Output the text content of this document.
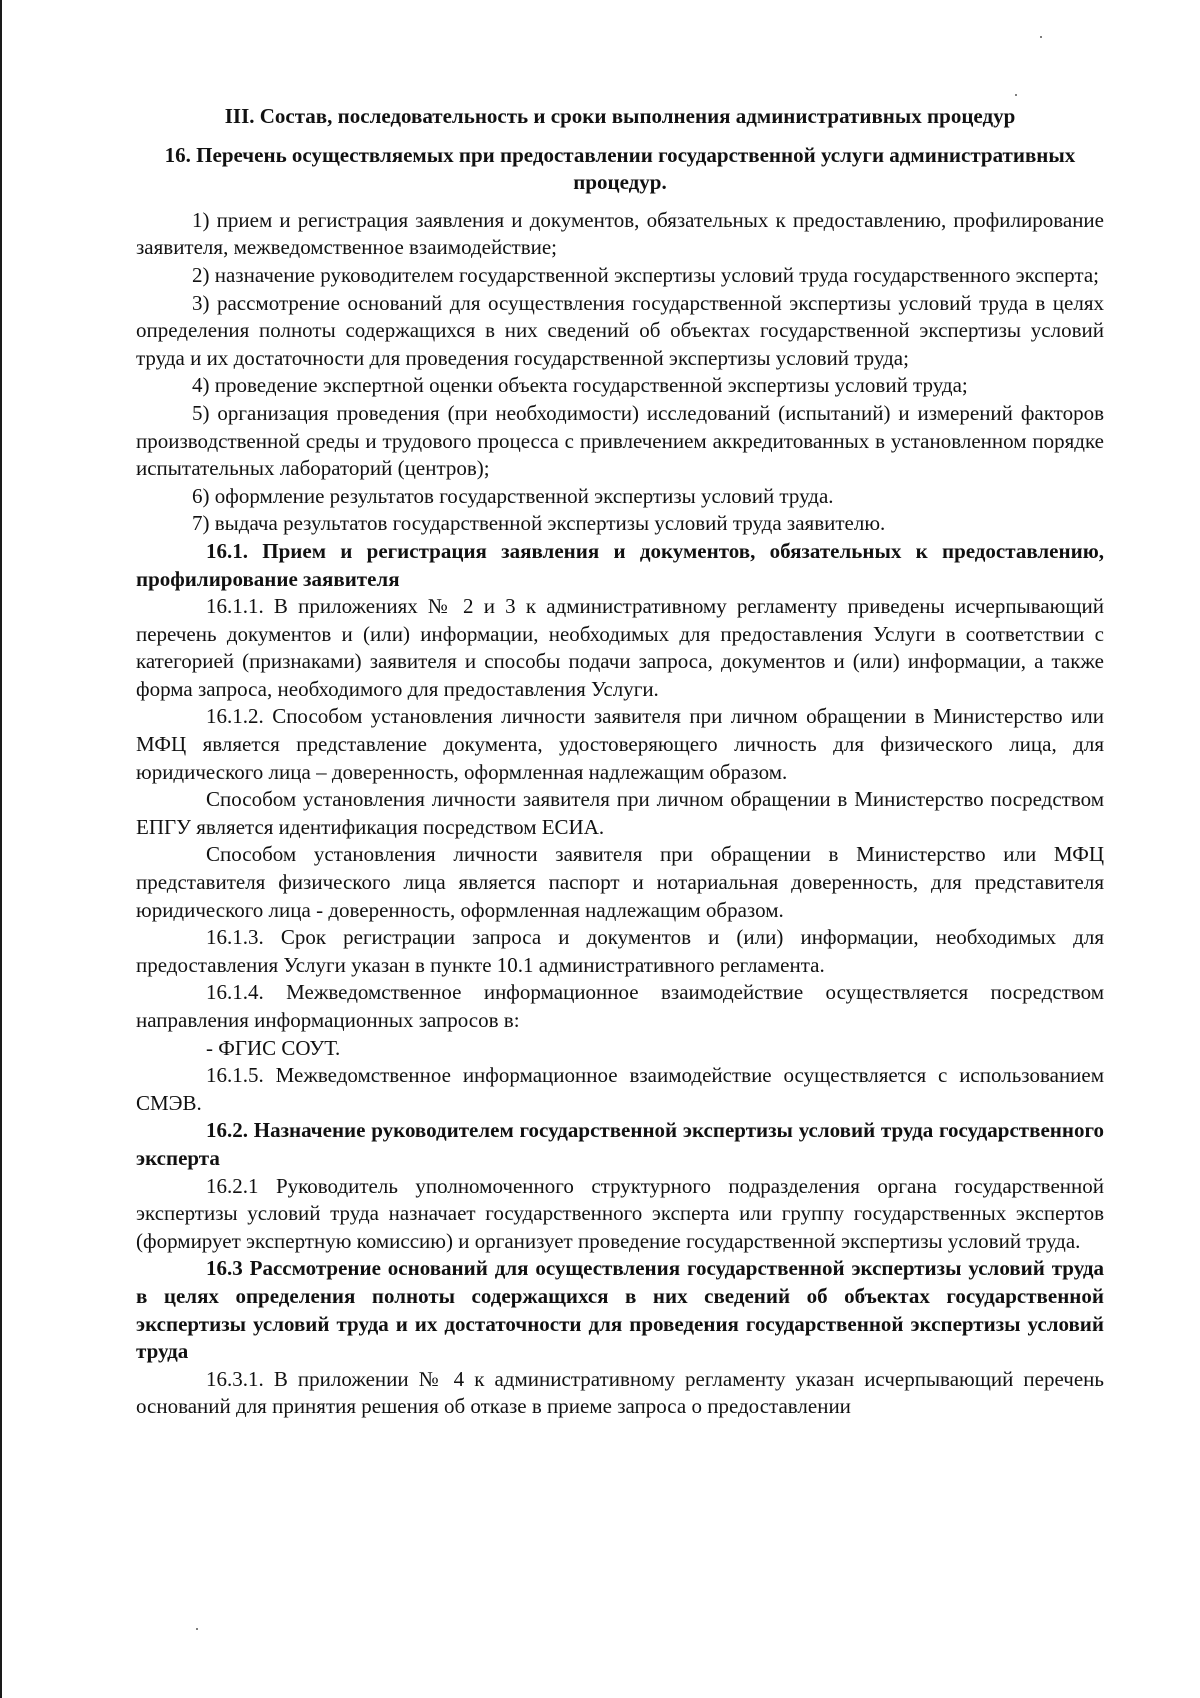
III. Состав, последовательность и сроки выполнения административных процедур
16. Перечень осуществляемых при предоставлении государственной услуги административных процедур.

1) прием и регистрация заявления и документов, обязательных к предоставлению, профилирование заявителя, межведомственное взаимодействие;

2) назначение руководителем государственной экспертизы условий труда государственного эксперта;

3) рассмотрение оснований для осуществления государственной экспертизы условий труда в целях определения полноты содержащихся в них сведений об объектах государственной экспертизы условий труда и их достаточности для проведения государственной экспертизы условий труда;

4) проведение экспертной оценки объекта государственной экспертизы условий труда;

5) организация проведения (при необходимости) исследований (испытаний) и измерений факторов производственной среды и трудового процесса с привлечением аккредитованных в установленном порядке испытательных лабораторий (центров);

6) оформление результатов государственной экспертизы условий труда.

7) выдача результатов государственной экспертизы условий труда заявителю.

16.1. Прием и регистрация заявления и документов, обязательных к предоставлению, профилирование заявителя

16.1.1. В приложениях № 2 и 3 к административному регламенту приведены исчерпывающий перечень документов и (или) информации, необходимых для предоставления Услуги в соответствии с категорией (признаками) заявителя и способы подачи запроса, документов и (или) информации, а также форма запроса, необходимого для предоставления Услуги.

16.1.2. Способом установления личности заявителя при личном обращении в Министерство или МФЦ является представление документа, удостоверяющего личность для физического лица, для юридического лица – доверенность, оформленная надлежащим образом.

Способом установления личности заявителя при личном обращении в Министерство посредством ЕПГУ является идентификация посредством ЕСИА.

Способом установления личности заявителя при обращении в Министерство или МФЦ представителя физического лица является паспорт и нотариальная доверенность, для представителя юридического лица - доверенность, оформленная надлежащим образом.

16.1.3. Срок регистрации запроса и документов и (или) информации, необходимых для предоставления Услуги указан в пункте 10.1 административного регламента.

16.1.4. Межведомственное информационное взаимодействие осуществляется посредством направления информационных запросов в:

- ФГИС СОУТ.

16.1.5. Межведомственное информационное взаимодействие осуществляется с использованием СМЭВ.

16.2. Назначение руководителем государственной экспертизы условий труда государственного эксперта

16.2.1 Руководитель уполномоченного структурного подразделения органа государственной экспертизы условий труда назначает государственного эксперта или группу государственных экспертов (формирует экспертную комиссию) и организует проведение государственной экспертизы условий труда.

16.3 Рассмотрение оснований для осуществления государственной экспертизы условий труда в целях определения полноты содержащихся в них сведений об объектах государственной экспертизы условий труда и их достаточности для проведения государственной экспертизы условий труда

16.3.1. В приложении № 4 к административному регламенту указан исчерпывающий перечень оснований для принятия решения об отказе в приеме запроса о предоставлении
